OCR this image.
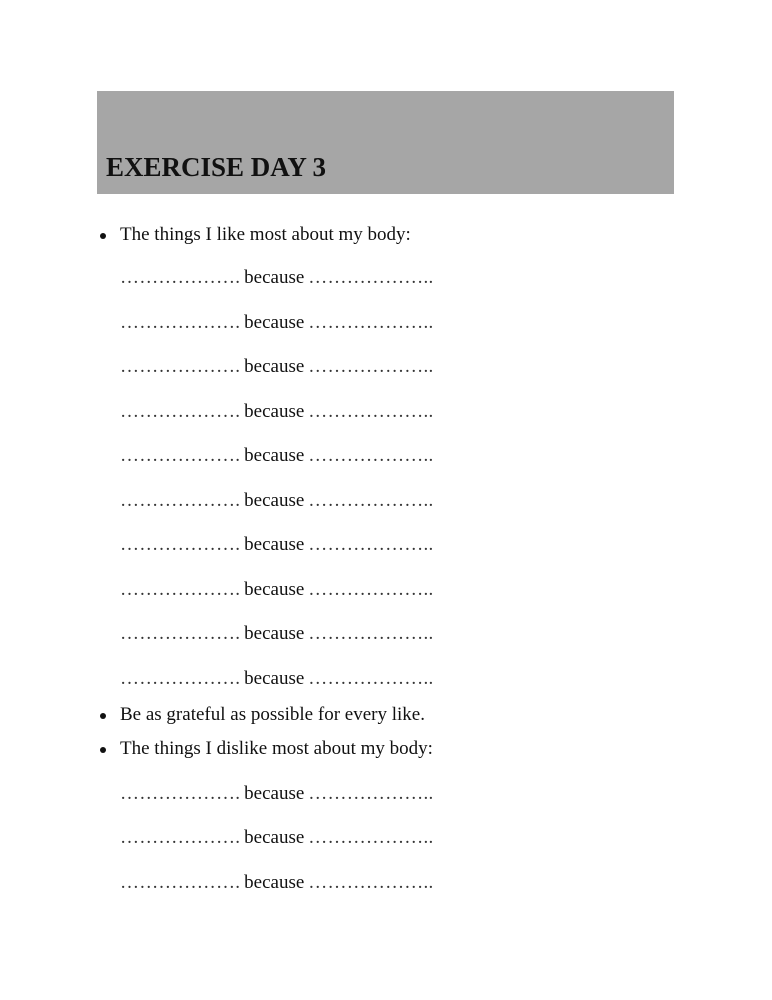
EXERCISE DAY 3
The things I like most about my body:
………………. because ………………..
………………. because ………………..
………………. because ………………..
………………. because ………………..
………………. because ………………..
………………. because ………………..
………………. because ………………..
………………. because ………………..
………………. because ………………..
………………. because ………………..
Be as grateful as possible for every like.
The things I dislike most about my body:
………………. because ………………..
………………. because ………………..
………………. because ………………..
